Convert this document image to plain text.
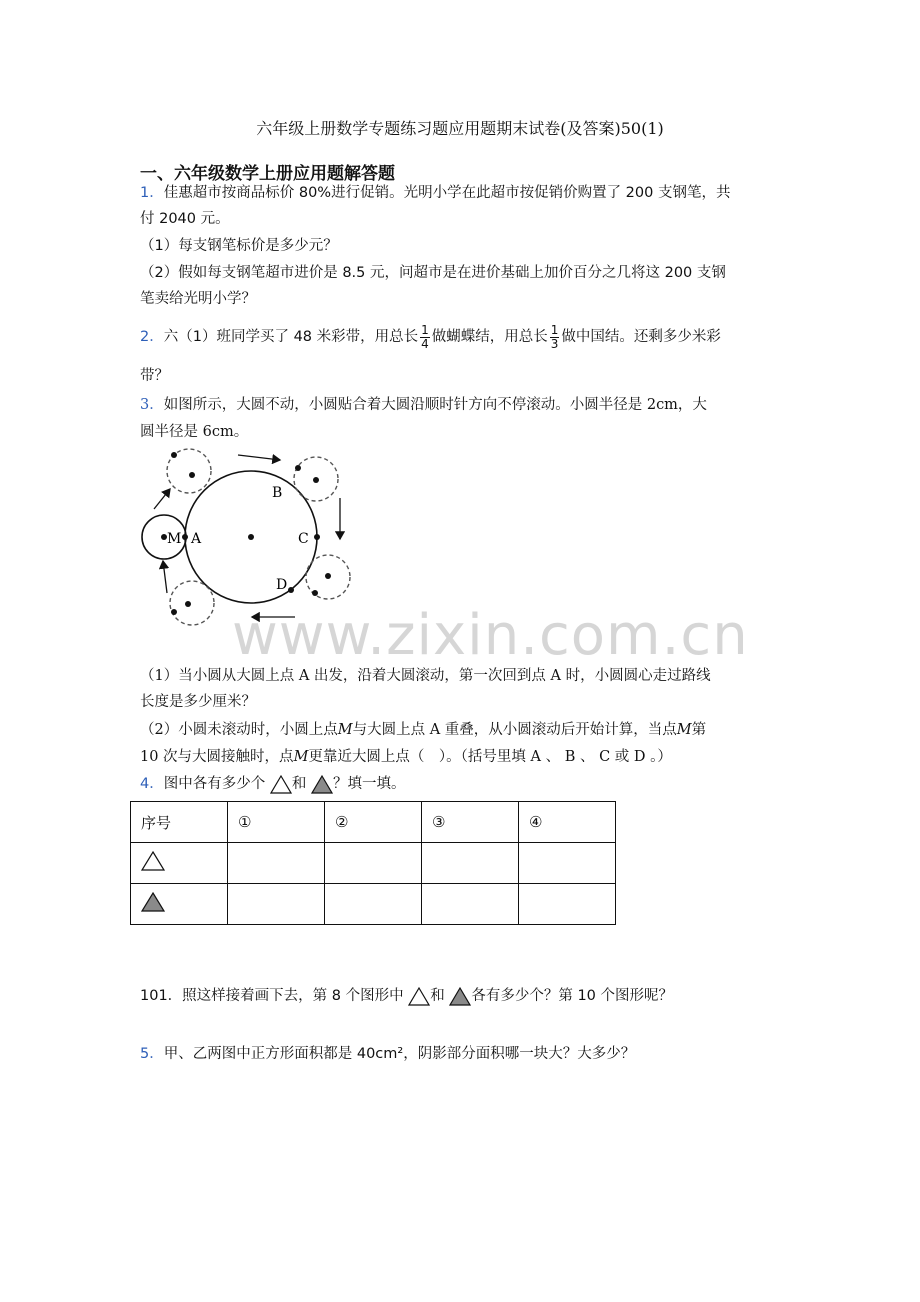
六年级上册数学专题练习题应用题期末试卷(及答案)50(1)
一、六年级数学上册应用题解答题
1．佳惠超市按商品标价 80%进行促销。光明小学在此超市按促销价购置了 200 支钢笔，共
付 2040 元。
（1）每支钢笔标价是多少元？
（2）假如每支钢笔超市进价是 8.5 元，问超市是在进价基础上加价百分之几将这 200 支钢
笔卖给光明小学？
2．六（1）班同学买了 48 米彩带，用总长 $\frac{1}{4}$ 做蝴蝶结，用总长 $\frac{1}{3}$ 做中国结。还剩多少米彩
带？
3．如图所示，大圆不动，小圆贴合着大圆沿顺时针方向不停滚动。小圆半径是 2cm，大
圆半径是 6cm。
M A
B
C
D
www.zixin.com.cn
（1）当小圆从大圆上点 A 出发，沿着大圆滚动，第一次回到点 A 时，小圆圆心走过路线
长度是多少厘米？
（2）小圆未滚动时，小圆上点M与大圆上点 A 重叠，从小圆滚动后开始计算，当点M第
10 次与大圆接触时，点M更靠近大圆上点（　）。（括号里填 A 、 B 、 C 或 D 。）
4．图中各有多少个 和 ？填一填。
序号	①	②	③	④

101．照这样接着画下去，第 8 个图形中 和 各有多少个？第 10 个图形呢？
5．甲、乙两图中正方形面积都是 40cm²，阴影部分面积哪一块大？大多少？
